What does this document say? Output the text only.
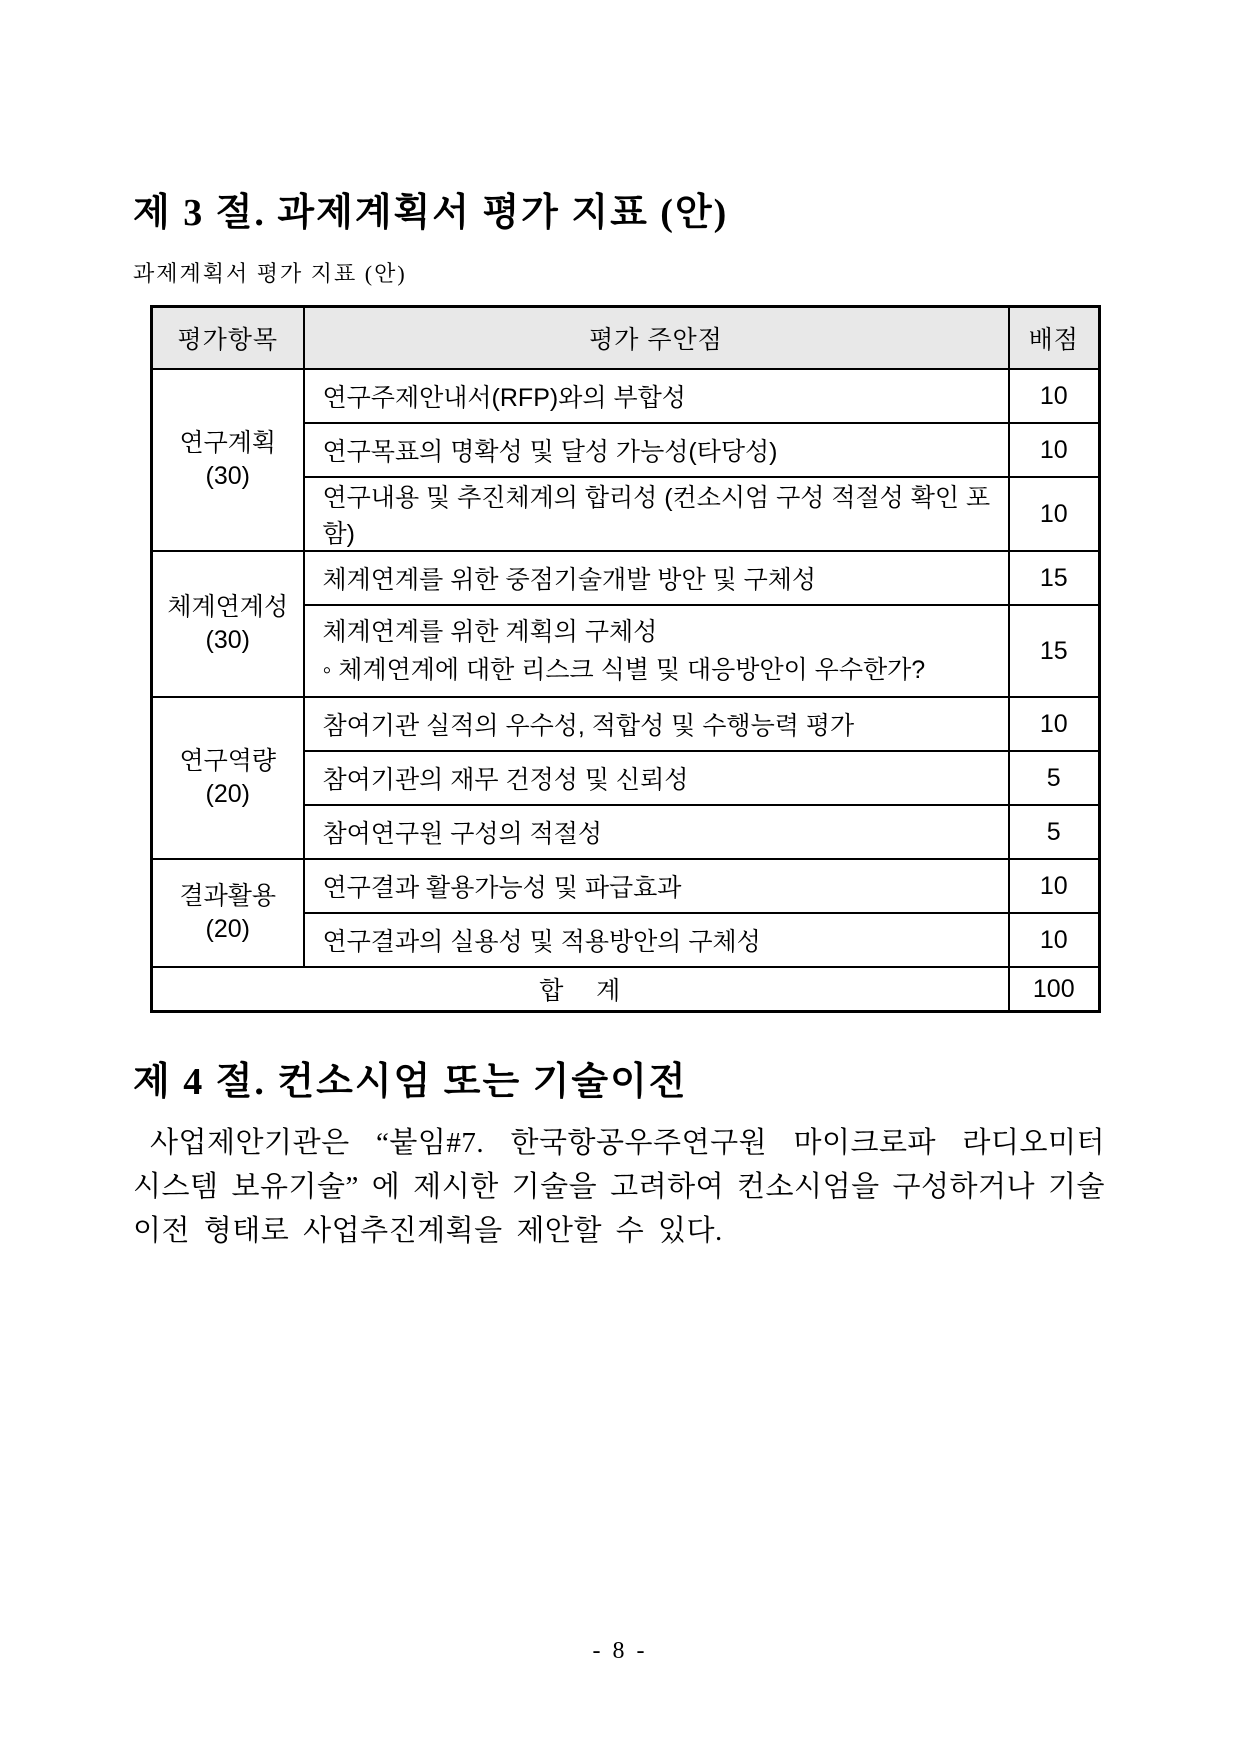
제 3 절. 과제계획서 평가 지표 (안)
과제계획서 평가 지표 (안)
평가항목	평가 주안점	배점

연구계획
(30)	연구주제안내서(RFP)와의 부합성	10
	연구목표의 명확성 및 달성 가능성(타당성)	10
	연구내용 및 추진체계의 합리성 (컨소시엄 구성 적절성 확인 포함)	10

체계연계성
(30)	체계연계를 위한 중점기술개발 방안 및 구체성	15

	체계연계를 위한 계획의 구체성
◦ 체계연계에 대한 리스크 식별 및 대응방안이 우수한가?	15

연구역량
(20)	참여기관 실적의 우수성, 적합성 및 수행능력 평가	10
	참여기관의 재무 건정성 및 신뢰성	5
	참여연구원 구성의 적절성	5

결과활용
(20)	연구결과 활용가능성 및 파급효과	10
	연구결과의 실용성 및 적용방안의 구체성	10
합    계		100
제 4 절. 컨소시엄 또는 기술이전
사업제안기관은 “붙임#7. 한국항공우주연구원 마이크로파 라디오미터
시스템 보유기술” 에 제시한 기술을 고려하여 컨소시엄을 구성하거나 기술
이전 형태로 사업추진계획을 제안할 수 있다.
- 8 -
